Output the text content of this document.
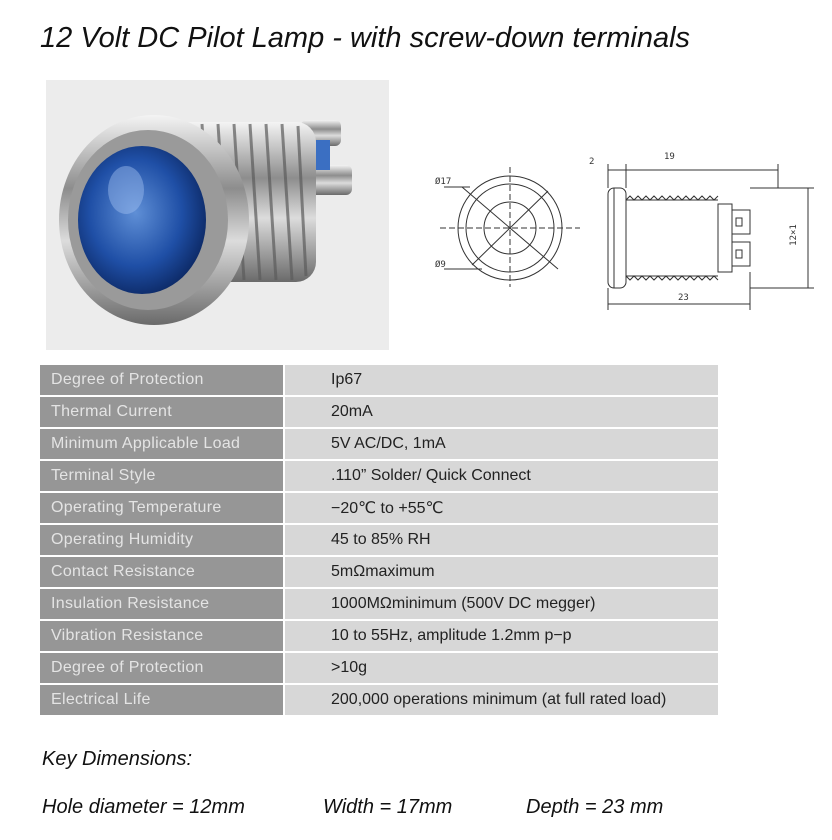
12 Volt DC Pilot Lamp - with screw-down terminals
Ø17
Ø9
2	19
23
12×1
Degree of Protection	Ip67
Thermal Current	20mA
Minimum Applicable Load	5V AC/DC, 1mA
Terminal Style	.110” Solder/ Quick Connect
Operating Temperature	−20℃ to +55℃
Operating Humidity	45 to 85% RH
Contact Resistance	5mΩmaximum
Insulation Resistance	1000MΩminimum (500V DC megger)
Vibration Resistance	10 to 55Hz, amplitude 1.2mm p−p
Degree of Protection	>10g
Electrical Life	200,000 operations minimum (at full rated load)
Key Dimensions:
Hole diameter = 12mm	Width = 17mm	Depth = 23 mm
